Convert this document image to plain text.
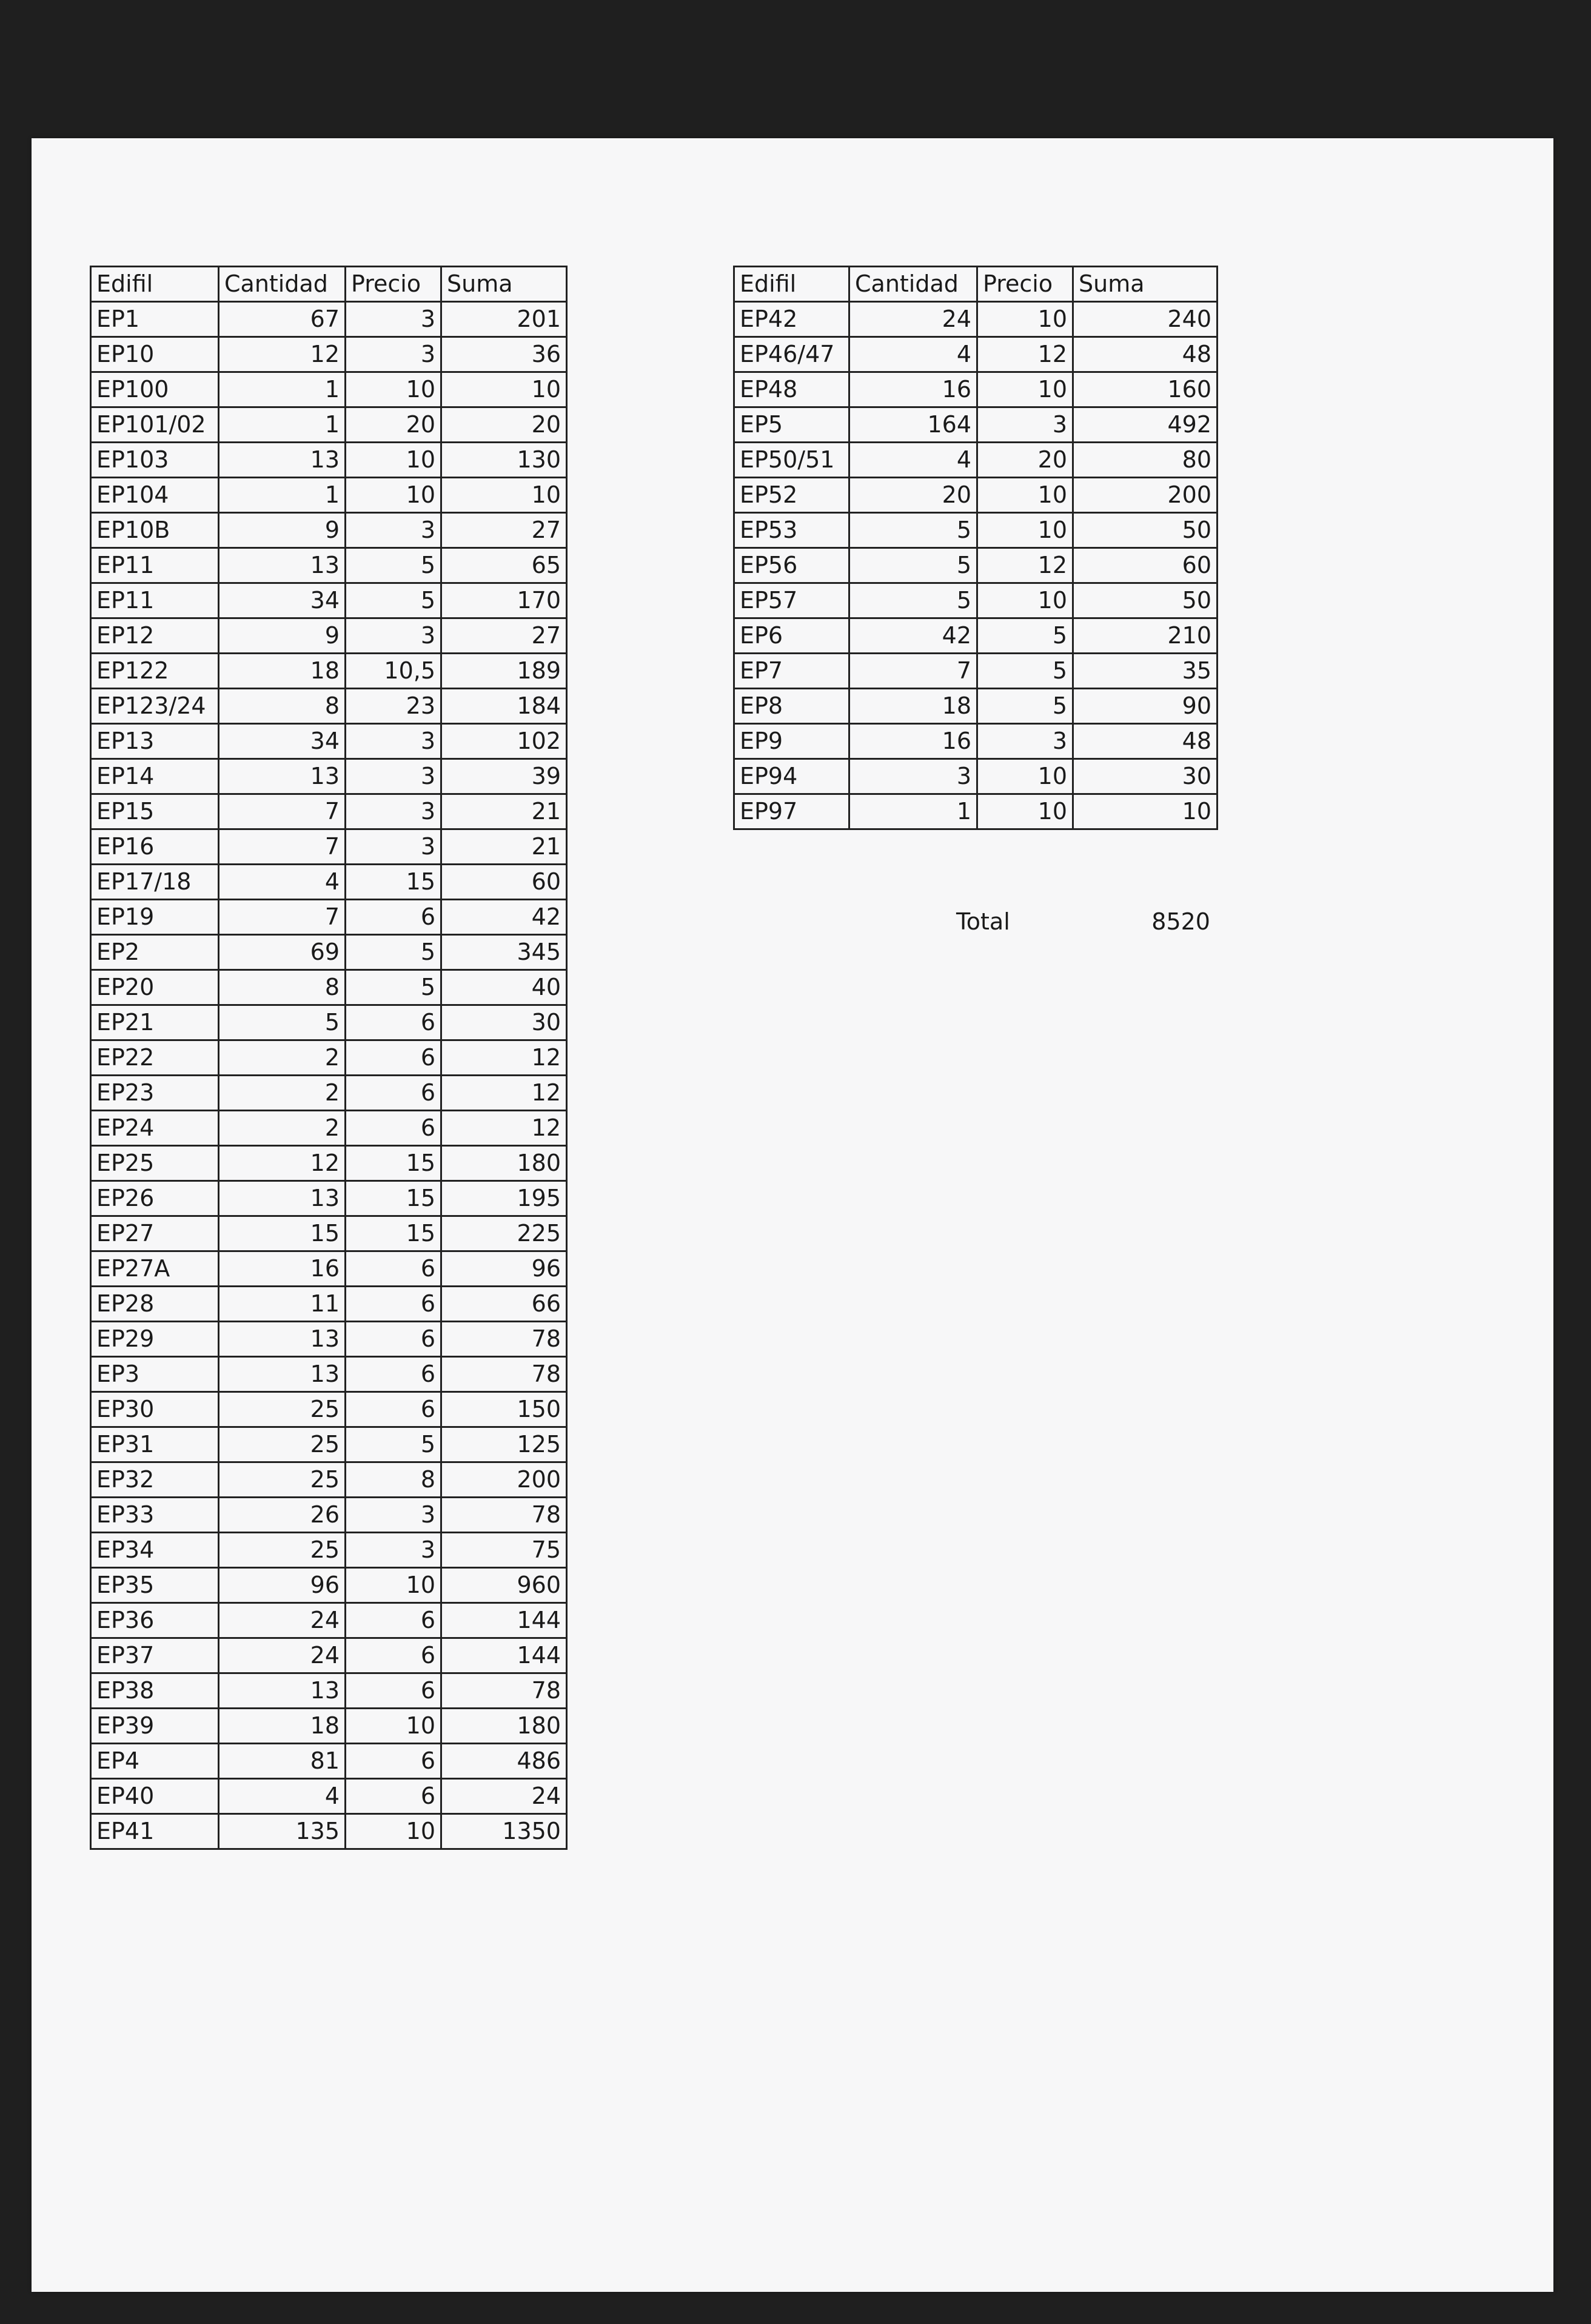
Edifil	Cantidad	Precio	Suma
EP1	67	3	201
EP10	12	3	36
EP100	1	10	10
EP101/02	1	20	20
EP103	13	10	130
EP104	1	10	10
EP10B	9	3	27
EP11	13	5	65
EP11	34	5	170
EP12	9	3	27
EP122	18	10,5	189
EP123/24	8	23	184
EP13	34	3	102
EP14	13	3	39
EP15	7	3	21
EP16	7	3	21
EP17/18	4	15	60
EP19	7	6	42
EP2	69	5	345
EP20	8	5	40
EP21	5	6	30
EP22	2	6	12
EP23	2	6	12
EP24	2	6	12
EP25	12	15	180
EP26	13	15	195
EP27	15	15	225
EP27A	16	6	96
EP28	11	6	66
EP29	13	6	78
EP3	13	6	78
EP30	25	6	150
EP31	25	5	125
EP32	25	8	200
EP33	26	3	78
EP34	25	3	75
EP35	96	10	960
EP36	24	6	144
EP37	24	6	144
EP38	13	6	78
EP39	18	10	180
EP4	81	6	486
EP40	4	6	24
EP41	135	10	1350
Edifil	Cantidad	Precio	Suma
EP42	24	10	240
EP46/47	4	12	48
EP48	16	10	160
EP5	164	3	492
EP50/51	4	20	80
EP52	20	10	200
EP53	5	10	50
EP56	5	12	60
EP57	5	10	50
EP6	42	5	210
EP7	7	5	35
EP8	18	5	90
EP9	16	3	48
EP94	3	10	30
EP97	1	10	10
Total	8520
